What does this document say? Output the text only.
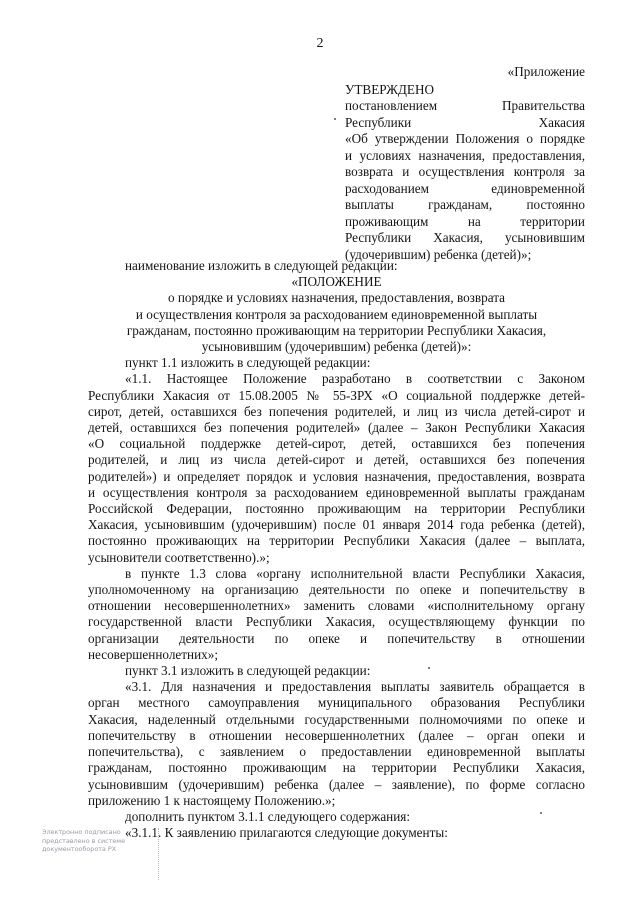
2
«Приложение
УТВЕРЖДЕНО
постановлением Правительства
Республики Хакасия
«Об утверждении Положения о порядке
и условиях назначения, предоставления,
возврата и осуществления контроля за
расходованием единовременной
выплаты гражданам, постоянно
проживающим на территории
Республики Хакасия, усыновившим
(удочерившим) ребенка (детей)»;

наименование изложить в следующей редакции:

«ПОЛОЖЕНИЕ

о порядке и условиях назначения, предоставления, возврата

и осуществления контроля за расходованием единовременной выплаты

гражданам, постоянно проживающим на территории Республики Хакасия,

усыновившим (удочерившим) ребенка (детей)»:

пункт 1.1 изложить в следующей редакции:

«1.1. Настоящее Положение разработано в соответствии с Законом

Республики Хакасия от 15.08.2005 № 55-ЗРХ «О социальной поддержке детей-

сирот, детей, оставшихся без попечения родителей, и лиц из числа детей-сирот и

детей, оставшихся без попечения родителей» (далее – Закон Республики Хакасия

«О социальной поддержке детей-сирот, детей, оставшихся без попечения

родителей, и лиц из числа детей-сирот и детей, оставшихся без попечения

родителей») и определяет порядок и условия назначения, предоставления, возврата

и осуществления контроля за расходованием единовременной выплаты гражданам

Российской Федерации, постоянно проживающим на территории Республики

Хакасия, усыновившим (удочерившим) после 01 января 2014 года ребенка (детей),

постоянно проживающих на территории Республики Хакасия (далее – выплата,

усыновители соответственно).»;

в пункте 1.3 слова «органу исполнительной власти Республики Хакасия,

уполномоченному на организацию деятельности по опеке и попечительству в

отношении несовершеннолетних» заменить словами «исполнительному органу

государственной власти Республики Хакасия, осуществляющему функции по

организации деятельности по опеке и попечительству в отношении

несовершеннолетних»;

пункт 3.1 изложить в следующей редакции:

«3.1. Для назначения и предоставления выплаты заявитель обращается в

орган местного самоуправления муниципального образования Республики

Хакасия, наделенный отдельными государственными полномочиями по опеке и

попечительству в отношении несовершеннолетних (далее – орган опеки и

попечительства), с заявлением о предоставлении единовременной выплаты

гражданам, постоянно проживающим на территории Республики Хакасия,

усыновившим (удочерившим) ребенка (далее – заявление), по форме согласно

приложению 1 к настоящему Положению.»;

дополнить пунктом 3.1.1 следующего содержания:

«3.1.1. К заявлению прилагаются следующие документы:

Электронно подписано
представлено в системе
документооборота РХ
